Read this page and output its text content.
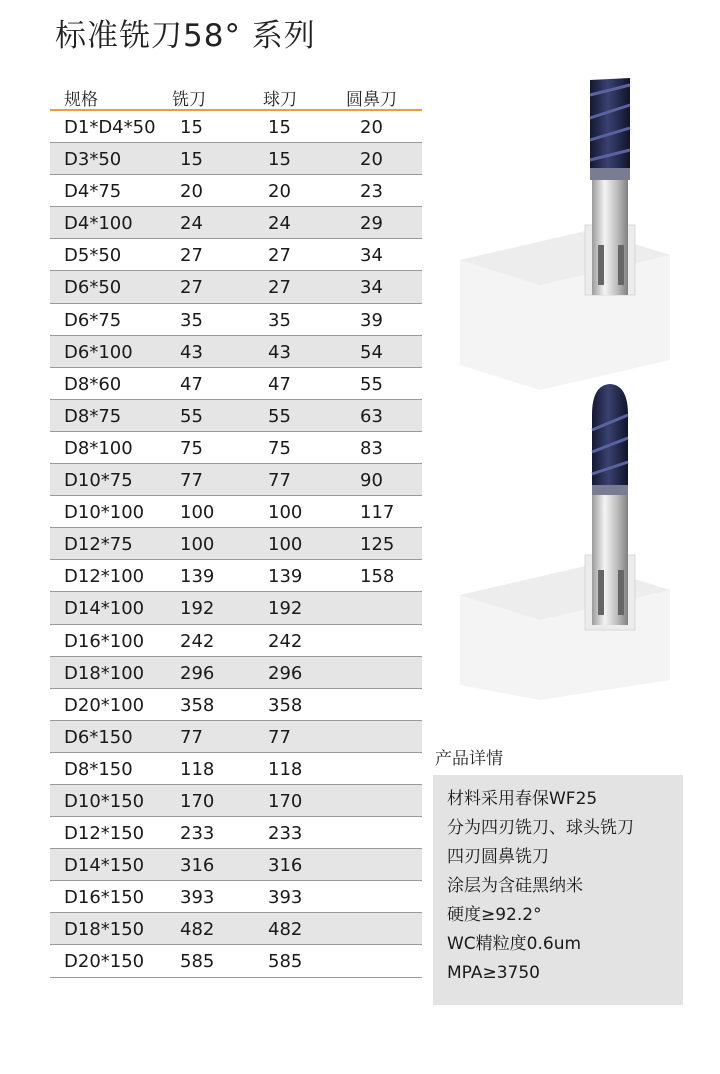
标准铣刀58° 系列
规格	铣刀	球刀	圆鼻刀
D1*D4*50 15	15	20
D3*50	15	15	20
D4*75	20	20	23
D4*100	24	24	29
D5*50	27	27	34
D6*50	27	27	34
D6*75	35	35	39
D6*100	43	43	54
D8*60	47	47	55
D8*75	55	55	63
D8*100	75	75	83
D10*75	77	77	90
D10*100 100	100	117
D12*75	100	100	125
D12*100 139	139	158
D14*100 192	192
D16*100 242	242
D18*100 296	296
D20*100 358	358
D6*150	77	77
D8*150	118	118
D10*150 170	170
D12*150 233	233
D14*150 316	316
D16*150 393	393
D18*150 482	482
D20*150 585	585
产品详情
材料采用春保WF25
分为四刃铣刀、球头铣刀
四刃圆鼻铣刀
涂层为含硅黑纳米
硬度≥92.2°
WC精粒度0.6um
MPA≥3750
